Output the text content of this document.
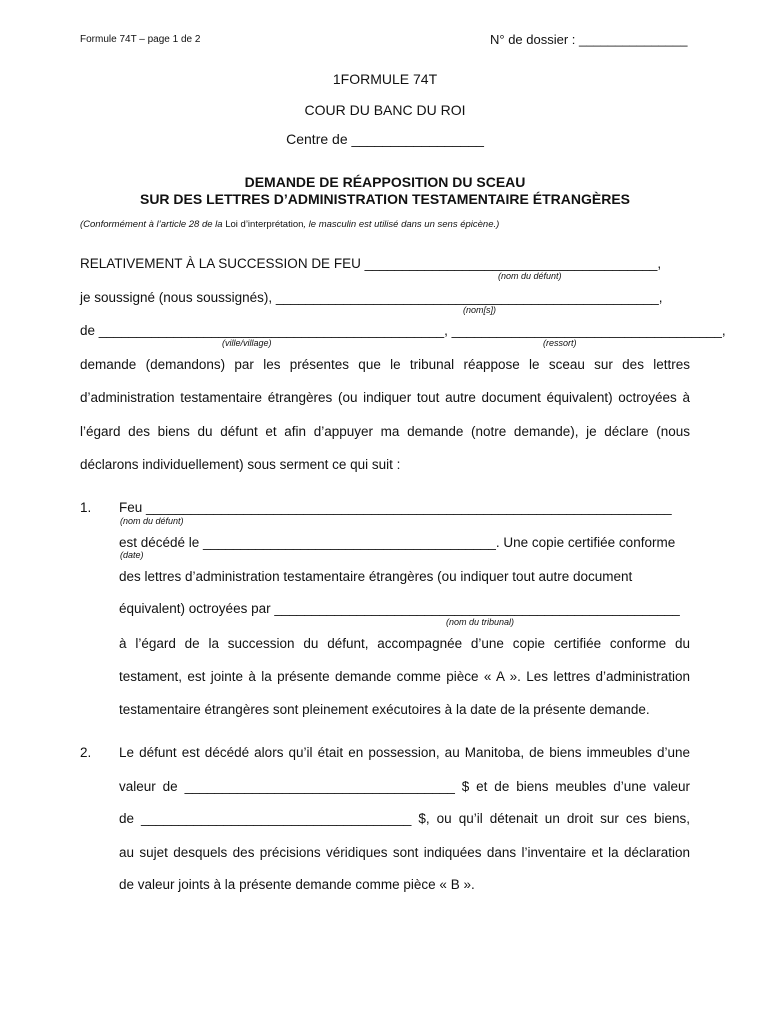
Formule 74T – page 1 de 2	N° de dossier : _______________
1FORMULE 74T
COUR DU BANC DU ROI
Centre de _________________
DEMANDE DE RÉAPPOSITION DU SCEAU
SUR DES LETTRES D’ADMINISTRATION TESTAMENTAIRE ÉTRANGÈRES
(Conformément à l’article 28 de la Loi d’interprétation, le masculin est utilisé dans un sens épicène.)
RELATIVEMENT À LA SUCCESSION DE FEU _______________________________________,
(nom du défunt)
je soussigné (nous soussignés), ___________________________________________________,
(nom[s])
de ______________________________________________, ____________________________________,
(ville/village)	(ressort)
demande (demandons) par les présentes que le tribunal réappose le sceau sur des lettres
d’administration testamentaire étrangères (ou indiquer tout autre document équivalent) octroyées à
l’égard des biens du défunt et afin d’appuyer ma demande (notre demande), je déclare (nous
déclarons individuellement) sous serment ce qui suit :
1. Feu ______________________________________________________________________
(nom du défunt)
est décédé le _______________________________________. Une copie certifiée conforme
(date)
des lettres d’administration testamentaire étrangères (ou indiquer tout autre document
équivalent) octroyées par ______________________________________________________
(nom du tribunal)
à l’égard de la succession du défunt, accompagnée d’une copie certifiée conforme du
testament, est jointe à la présente demande comme pièce « A ». Les lettres d’administration
testamentaire étrangères sont pleinement exécutoires à la date de la présente demande.
2. Le défunt est décédé alors qu’il était en possession, au Manitoba, de biens immeubles d’une
valeur de ____________________________________ $ et de biens meubles d’une valeur
de ____________________________________ $, ou qu’il détenait un droit sur ces biens,
au sujet desquels des précisions véridiques sont indiquées dans l’inventaire et la déclaration
de valeur joints à la présente demande comme pièce « B ».
